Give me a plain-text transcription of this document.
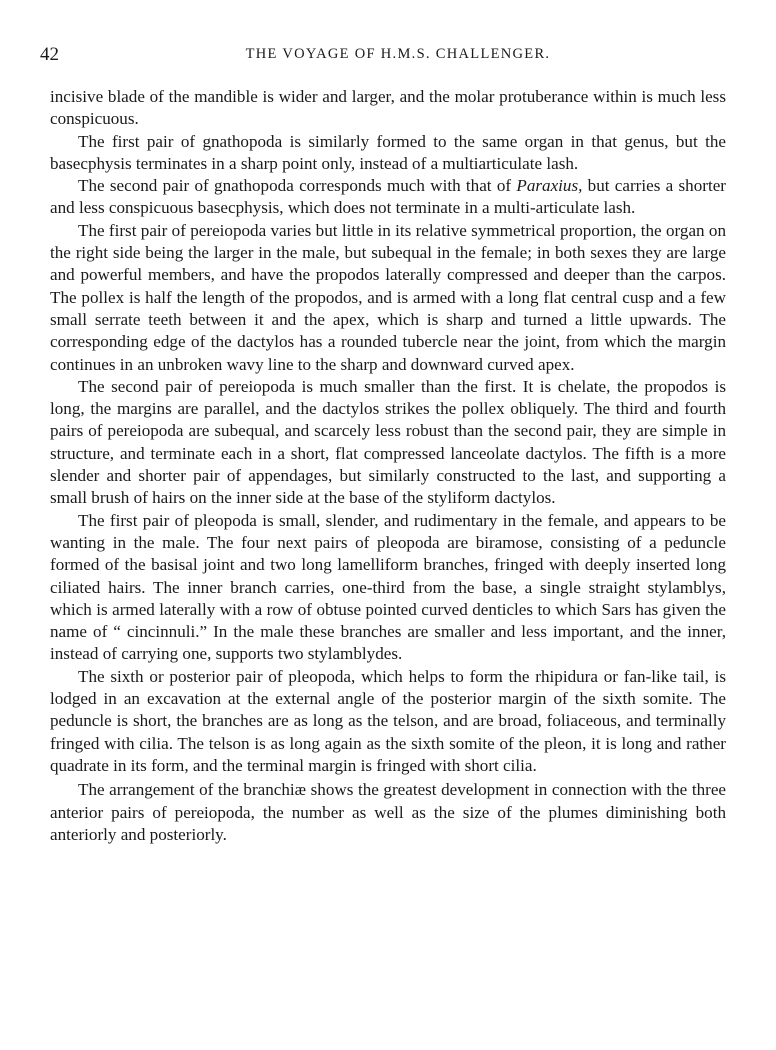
42	THE VOYAGE OF H.M.S. CHALLENGER.

incisive blade of the mandible is wider and larger, and the molar protuberance within is much less conspicuous.

The first pair of gnathopoda is similarly formed to the same organ in that genus, but the basecphysis terminates in a sharp point only, instead of a multiarticulate lash.

The second pair of gnathopoda corresponds much with that of Paraxius, but carries a shorter and less conspicuous basecphysis, which does not terminate in a multi-articulate lash.

The first pair of pereiopoda varies but little in its relative symmetrical proportion, the organ on the right side being the larger in the male, but subequal in the female; in both sexes they are large and powerful members, and have the propodos laterally compressed and deeper than the carpos. The pollex is half the length of the propodos, and is armed with a long flat central cusp and a few small serrate teeth between it and the apex, which is sharp and turned a little upwards. The corresponding edge of the dactylos has a rounded tubercle near the joint, from which the margin continues in an unbroken wavy line to the sharp and downward curved apex.

The second pair of pereiopoda is much smaller than the first. It is chelate, the propodos is long, the margins are parallel, and the dactylos strikes the pollex obliquely. The third and fourth pairs of pereiopoda are subequal, and scarcely less robust than the second pair, they are simple in structure, and terminate each in a short, flat compressed lanceolate dactylos. The fifth is a more slender and shorter pair of appendages, but similarly constructed to the last, and supporting a small brush of hairs on the inner side at the base of the styliform dactylos.

The first pair of pleopoda is small, slender, and rudimentary in the female, and appears to be wanting in the male. The four next pairs of pleopoda are biramose, consisting of a peduncle formed of the basisal joint and two long lamelliform branches, fringed with deeply inserted long ciliated hairs. The inner branch carries, one-third from the base, a single straight stylamblys, which is armed laterally with a row of obtuse pointed curved denticles to which Sars has given the name of “ cincinnuli.” In the male these branches are smaller and less important, and the inner, instead of carrying one, supports two stylamblydes.

The sixth or posterior pair of pleopoda, which helps to form the rhipidura or fan-like tail, is lodged in an excavation at the external angle of the posterior margin of the sixth somite. The peduncle is short, the branches are as long as the telson, and are broad, foliaceous, and terminally fringed with cilia. The telson is as long again as the sixth somite of the pleon, it is long and rather quadrate in its form, and the terminal margin is fringed with short cilia.

The arrangement of the branchiæ shows the greatest development in connection with the three anterior pairs of pereiopoda, the number as well as the size of the plumes diminishing both anteriorly and posteriorly.
